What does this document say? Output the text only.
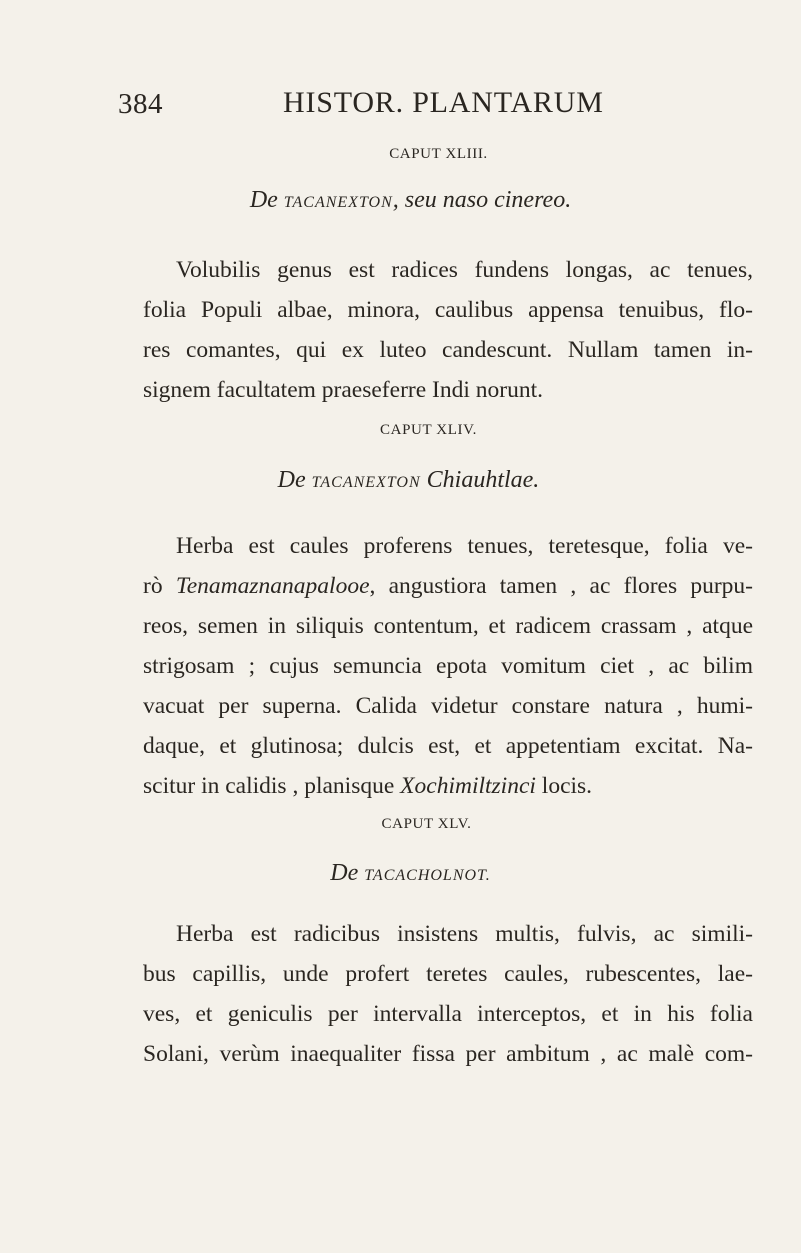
384	HISTOR. PLANTARUM
CAPUT XLIII.
De TACANEXTON, seu naso cinereo.
Volubilis genus est radices fundens longas, ac tenues,
folia Populi albae, minora, caulibus appensa tenuibus, flo-
res comantes, qui ex luteo candescunt. Nullam tamen in-
signem facultatem praeseferre Indi norunt.
CAPUT XLIV.
De TACANEXTON Chiauhtlae.
Herba est caules proferens tenues, teretesque, folia ve-
rò Tenamaznanapalooe, angustiora tamen , ac flores purpu-
reos, semen in siliquis contentum, et radicem crassam , atque
strigosam ; cujus semuncia epota vomitum ciet , ac bilim
vacuat per superna. Calida videtur constare natura , humi-
daque, et glutinosa; dulcis est, et appetentiam excitat. Na-
scitur in calidis , planisque Xochimiltzinci locis.
CAPUT XLV.
De TACACHOLNOT.
Herba est radicibus insistens multis, fulvis, ac simili-
bus capillis, unde profert teretes caules, rubescentes, lae-
ves, et geniculis per intervalla interceptos, et in his folia
Solani, verùm inaequaliter fissa per ambitum , ac malè com-
